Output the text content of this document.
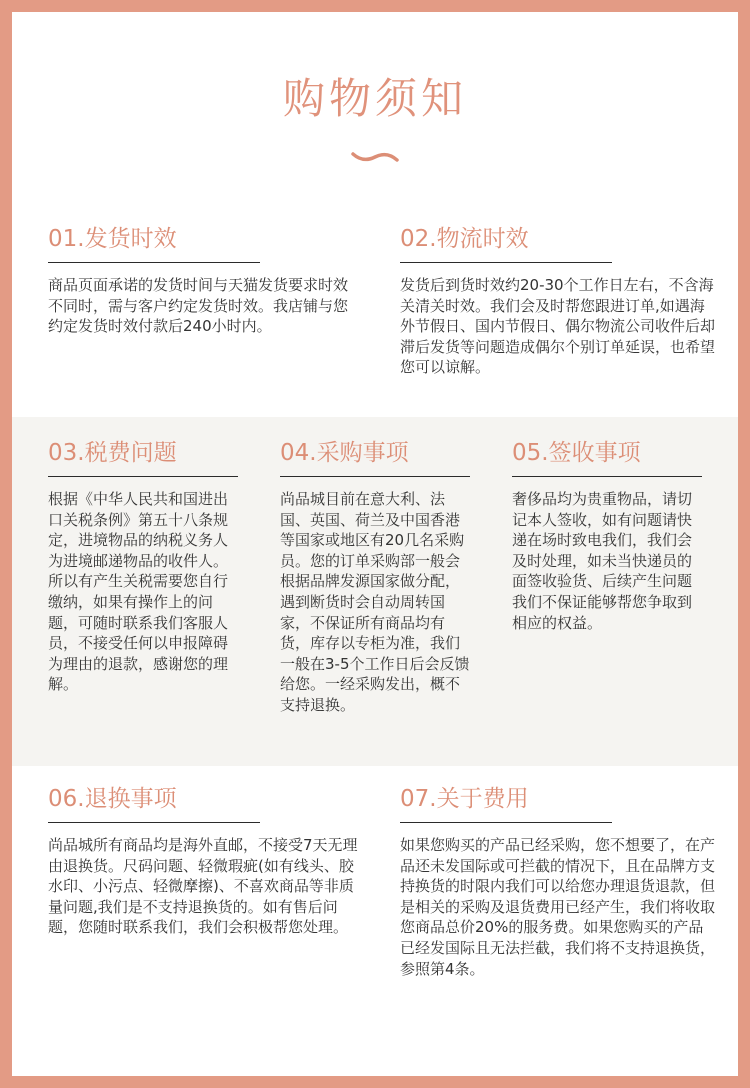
购物须知
01.发货时效

商品页面承诺的发货时间与天猫发货要求时效不同时，需与客户约定发货时效。我店铺与您约定发货时效付款后240小时内。

02.物流时效

发货后到货时效约20-30个工作日左右，不含海关清关时效。我们会及时帮您跟进订单,如遇海外节假日、国内节假日、偶尔物流公司收件后却滞后发货等问题造成偶尔个别订单延误，也希望您可以谅解。

03.税费问题

根据《中华人民共和国进出口关税条例》第五十八条规定，进境物品的纳税义务人为进境邮递物品的收件人。所以有产生关税需要您自行缴纳，如果有操作上的问题，可随时联系我们客服人员，不接受任何以申报障碍为理由的退款，感谢您的理解。

04.采购事项

尚品城目前在意大利、法国、英国、荷兰及中国香港等国家或地区有20几名采购员。您的订单采购部一般会根据品牌发源国家做分配，遇到断货时会自动周转国家，不保证所有商品均有货，库存以专柜为准，我们一般在3-5个工作日后会反馈给您。一经采购发出，概不支持退换。

05.签收事项

奢侈品均为贵重物品，请切记本人签收，如有问题请快递在场时致电我们，我们会及时处理，如未当快递员的面签收验货、后续产生问题我们不保证能够帮您争取到相应的权益。

06.退换事项

尚品城所有商品均是海外直邮，不接受7天无理由退换货。尺码问题、轻微瑕疵(如有线头、胶水印、小污点、轻微摩擦)、不喜欢商品等非质量问题,我们是不支持退换货的。如有售后问题，您随时联系我们，我们会积极帮您处理。

07.关于费用

如果您购买的产品已经采购，您不想要了，在产品还未发国际或可拦截的情况下，且在品牌方支持换货的时限内我们可以给您办理退货退款，但是相关的采购及退货费用已经产生，我们将收取您商品总价20%的服务费。如果您购买的产品已经发国际且无法拦截，我们将不支持退换货，参照第4条。
